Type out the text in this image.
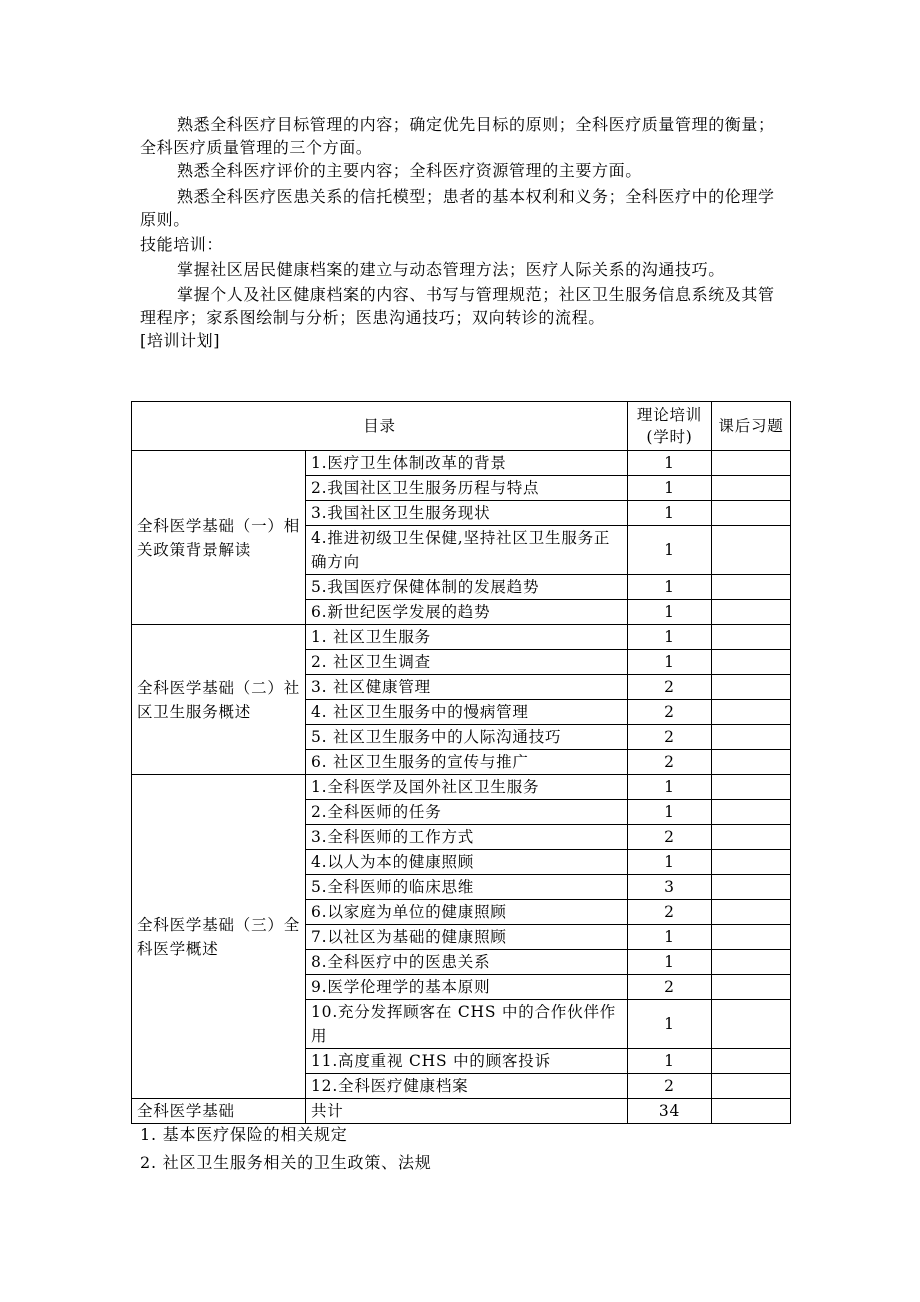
熟悉全科医疗目标管理的内容；确定优先目标的原则；全科医疗质量管理的衡量；全科医疗质量管理的三个方面。

熟悉全科医疗评价的主要内容；全科医疗资源管理的主要方面。

熟悉全科医疗医患关系的信托模型；患者的基本权利和义务；全科医疗中的伦理学原则。

技能培训：

掌握社区居民健康档案的建立与动态管理方法；医疗人际关系的沟通技巧。

掌握个人及社区健康档案的内容、书写与管理规范；社区卫生服务信息系统及其管理程序；家系图绘制与分析；医患沟通技巧；双向转诊的流程。

[培训计划]

目录		理论培训(学时)	课后习题
全科医学基础（一）相关政策背景解读	1.医疗卫生体制改革的背景	1	
	2.我国社区卫生服务历程与特点	1	
	3.我国社区卫生服务现状	1	
	4.推进初级卫生保健,坚持社区卫生服务正确方向	1	
	5.我国医疗保健体制的发展趋势	1	
	6.新世纪医学发展的趋势	1	
全科医学基础（二）社区卫生服务概述	1. 社区卫生服务	1	
	2. 社区卫生调查	1	
	3. 社区健康管理	2	
	4. 社区卫生服务中的慢病管理	2	
	5. 社区卫生服务中的人际沟通技巧	2	
	6. 社区卫生服务的宣传与推广	2	
全科医学基础（三）全科医学概述	1.全科医学及国外社区卫生服务	1	
	2.全科医师的任务	1	
	3.全科医师的工作方式	2	
	4.以人为本的健康照顾	1	
	5.全科医师的临床思维	3	
	6.以家庭为单位的健康照顾	2	
	7.以社区为基础的健康照顾	1	
	8.全科医疗中的医患关系	1	
	9.医学伦理学的基本原则	2	
	10.充分发挥顾客在 CHS 中的合作伙伴作用	1	
	11.高度重视 CHS 中的顾客投诉	1	
	12.全科医疗健康档案	2	
全科医学基础	共计	34	
1. 基本医疗保险的相关规定
2. 社区卫生服务相关的卫生政策、法规
